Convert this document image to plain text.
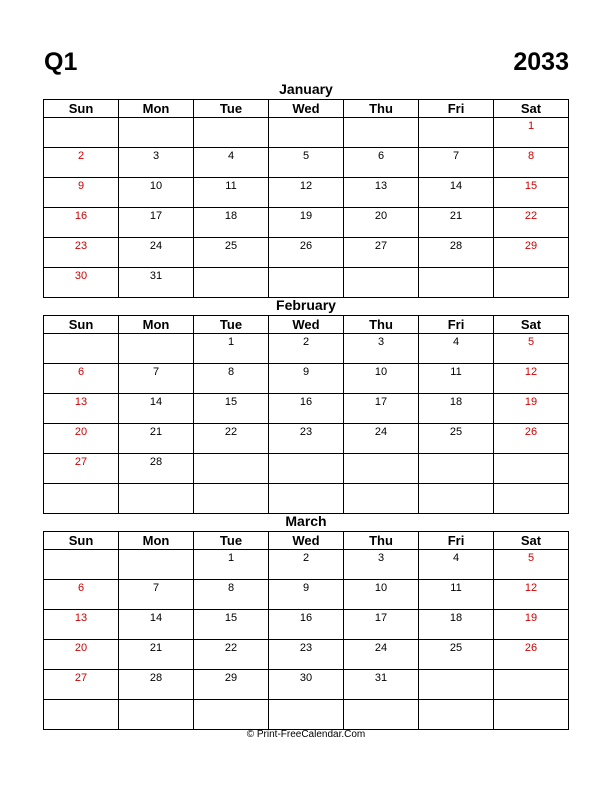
Q1	2033
January
Sun	Mon	Tue	Wed	Thu	Fri	Sat
						1
2	3	4	5	6	7	8
9	10	11	12	13	14	15
16	17	18	19	20	21	22
23	24	25	26	27	28	29
30	31					
February
Sun	Mon	Tue	Wed	Thu	Fri	Sat
		1	2	3	4	5
6	7	8	9	10	11	12
13	14	15	16	17	18	19
20	21	22	23	24	25	26
27	28					

March
Sun	Mon	Tue	Wed	Thu	Fri	Sat
		1	2	3	4	5
6	7	8	9	10	11	12
13	14	15	16	17	18	19
20	21	22	23	24	25	26
27	28	29	30	31		

© Print-FreeCalendar.Com
